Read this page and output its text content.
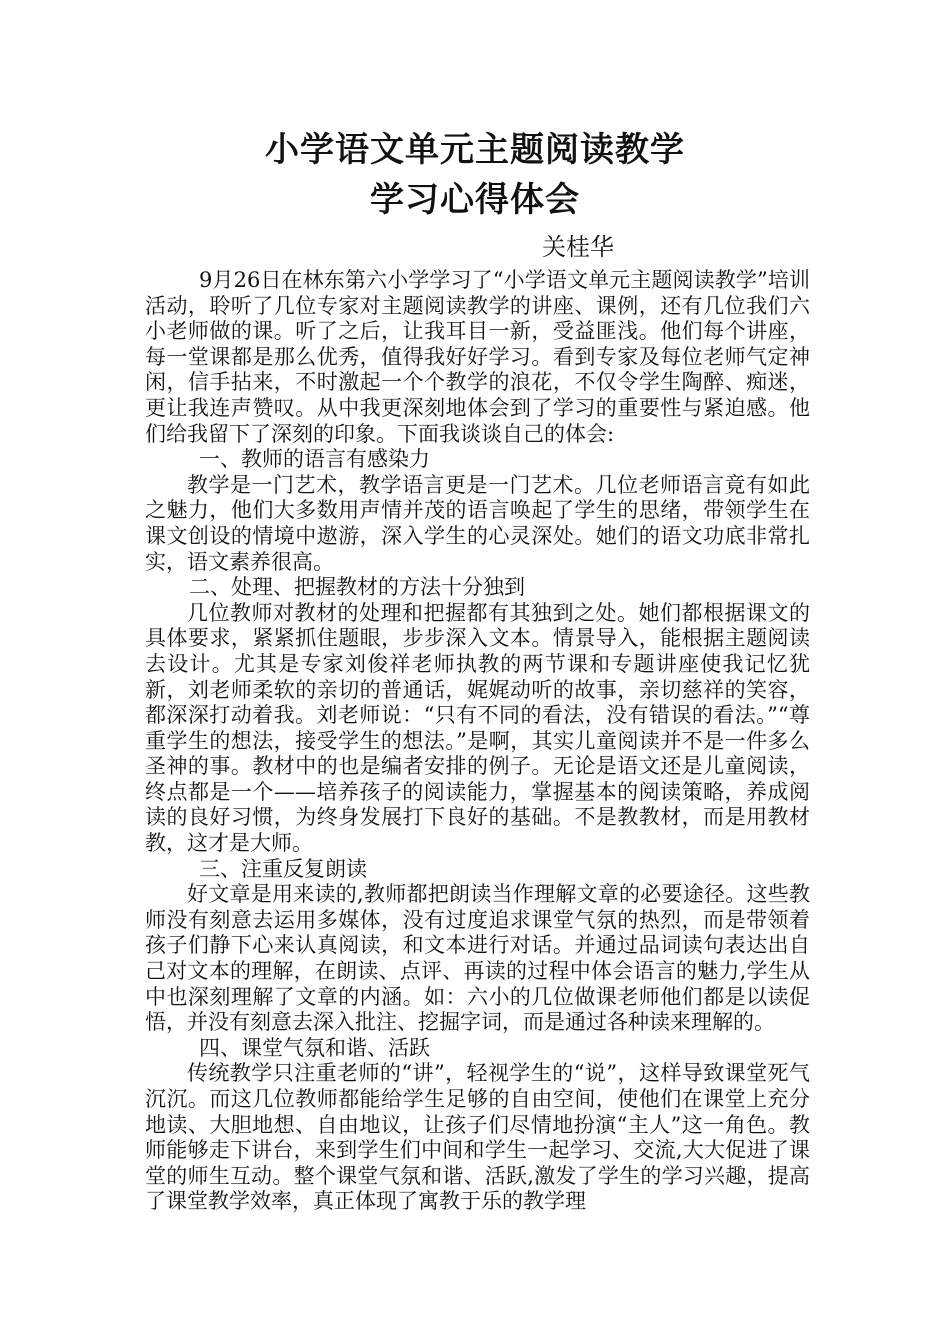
小学语文单元主题阅读教学
学习心得体会
关桂华

9月26日在林东第六小学学习了“小学语文单元主题阅读教学”培训活动，聆听了几位专家对主题阅读教学的讲座、课例，还有几位我们六小老师做的课。听了之后，让我耳目一新，受益匪浅。他们每个讲座，每一堂课都是那么优秀，值得我好好学习。看到专家及每位老师气定神闲，信手拈来，不时激起一个个教学的浪花，不仅令学生陶醉、痴迷，更让我连声赞叹。从中我更深刻地体会到了学习的重要性与紧迫感。他们给我留下了深刻的印象。下面我谈谈自己的体会:

一、教师的语言有感染力

教学是一门艺术，教学语言更是一门艺术。几位老师语言竟有如此之魅力，他们大多数用声情并茂的语言唤起了学生的思绪，带领学生在课文创设的情境中遨游，深入学生的心灵深处。她们的语文功底非常扎实，语文素养很高。

二、处理、把握教材的方法十分独到

几位教师对教材的处理和把握都有其独到之处。她们都根据课文的具体要求，紧紧抓住题眼，步步深入文本。情景导入，能根据主题阅读去设计。尤其是专家刘俊祥老师执教的两节课和专题讲座使我记忆犹新，刘老师柔软的亲切的普通话，娓娓动听的故事，亲切慈祥的笑容，都深深打动着我。刘老师说：“只有不同的看法，没有错误的看法。”“尊重学生的想法，接受学生的想法。”是啊，其实儿童阅读并不是一件多么圣神的事。教材中的也是编者安排的例子。无论是语文还是儿童阅读，终点都是一个——培养孩子的阅读能力，掌握基本的阅读策略，养成阅读的良好习惯，为终身发展打下良好的基础。不是教教材，而是用教材教，这才是大师。

三、注重反复朗读

好文章是用来读的,教师都把朗读当作理解文章的必要途径。这些教师没有刻意去运用多媒体，没有过度追求课堂气氛的热烈，而是带领着孩子们静下心来认真阅读，和文本进行对话。并通过品词读句表达出自己对文本的理解，在朗读、点评、再读的过程中体会语言的魅力,学生从中也深刻理解了文章的内涵。如：六小的几位做课老师他们都是以读促悟，并没有刻意去深入批注、挖掘字词，而是通过各种读来理解的。

四、课堂气氛和谐、活跃

传统教学只注重老师的“讲”，轻视学生的“说”，这样导致课堂死气沉沉。而这几位教师都能给学生足够的自由空间，使他们在课堂上充分地读、大胆地想、自由地议，让孩子们尽情地扮演“主人”这一角色。教师能够走下讲台，来到学生们中间和学生一起学习、交流,大大促进了课堂的师生互动。整个课堂气氛和谐、活跃,激发了学生的学习兴趣，提高了课堂教学效率，真正体现了寓教于乐的教学理
